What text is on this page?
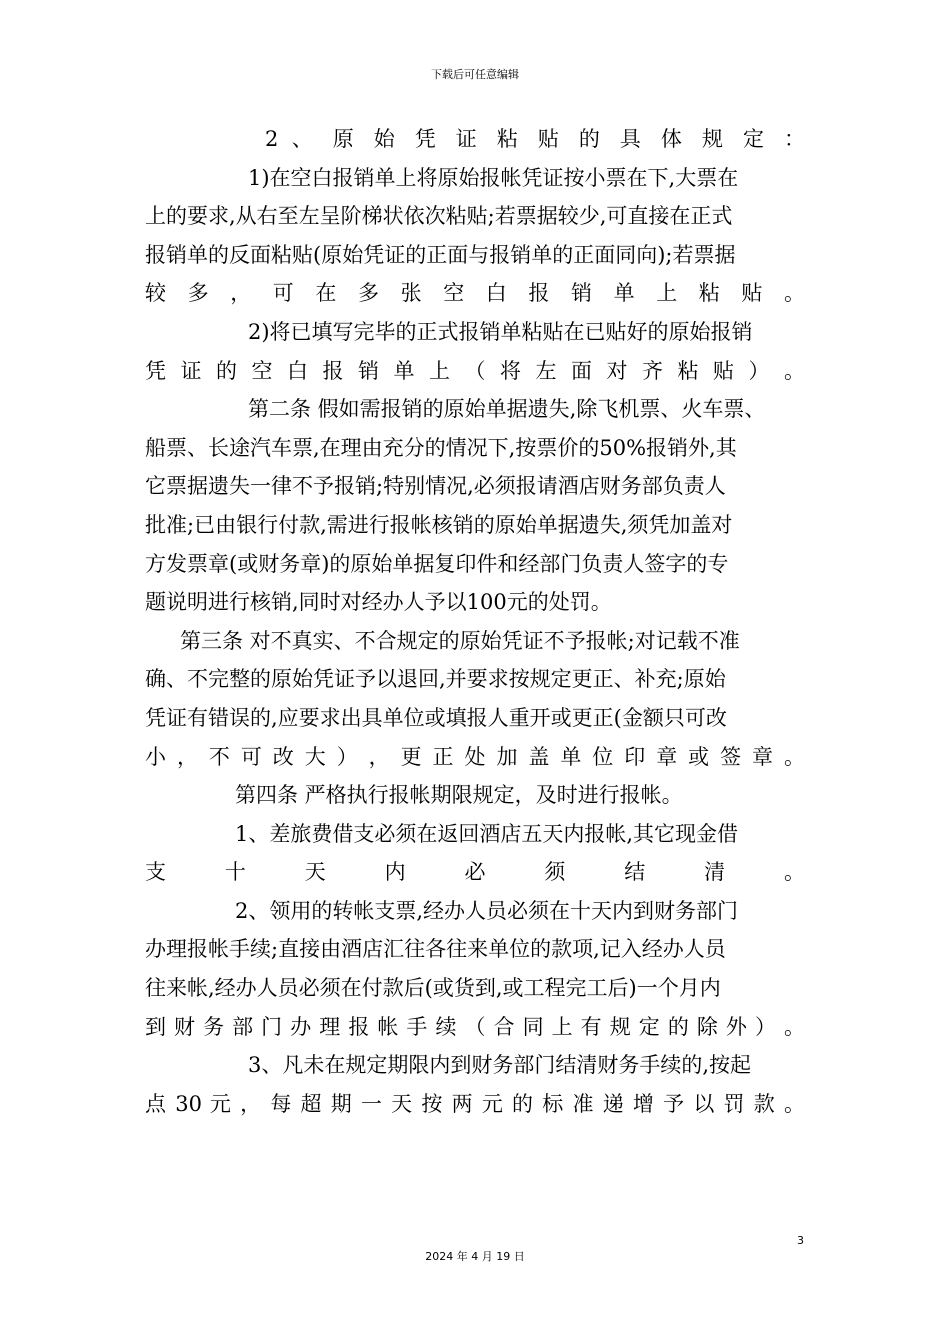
下载后可任意编辑
2 、 原 始 凭 证 粘 贴 的 具 体 规 定 ：
1)在空白报销单上将原始报帐凭证按小票在下,大票在
上的要求,从右至左呈阶梯状依次粘贴;若票据较少,可直接在正式
报销单的反面粘贴(原始凭证的正面与报销单的正面同向);若票据
较 多 ， 可 在 多 张 空 白 报 销 单 上 粘 贴 。
2)将已填写完毕的正式报销单粘贴在已贴好的原始报销
凭 证 的 空 白 报 销 单 上 （ 将 左 面 对 齐 粘 贴 ） 。
第二条 假如需报销的原始单据遗失,除飞机票、火车票、
船票、长途汽车票,在理由充分的情况下,按票价的50%报销外,其
它票据遗失一律不予报销;特别情况,必须报请酒店财务部负责人
批准;已由银行付款,需进行报帐核销的原始单据遗失,须凭加盖对
方发票章(或财务章)的原始单据复印件和经部门负责人签字的专
题说明进行核销,同时对经办人予以100元的处罚。
第三条 对不真实、不合规定的原始凭证不予报帐;对记载不准
确、不完整的原始凭证予以退回,并要求按规定更正、补充;原始
凭证有错误的,应要求出具单位或填报人重开或更正(金额只可改
小 ， 不 可 改 大 ） ， 更 正 处 加 盖 单 位 印 章 或 签 章 。
第四条 严格执行报帐期限规定，及时进行报帐。
1、差旅费借支必须在返回酒店五天内报帐,其它现金借
支 十 天 内 必 须 结 清 。
2、领用的转帐支票,经办人员必须在十天内到财务部门
办理报帐手续;直接由酒店汇往各往来单位的款项,记入经办人员
往来帐,经办人员必须在付款后(或货到,或工程完工后)一个月内
到 财 务 部 门 办 理 报 帐 手 续 （ 合 同 上 有 规 定 的 除 外 ） 。
3、凡未在规定期限内到财务部门结清财务手续的,按起
点 30 元 ， 每 超 期 一 天 按 两 元 的 标 准 递 增 予 以 罚 款 。
3
2024 年 4 月 19 日
